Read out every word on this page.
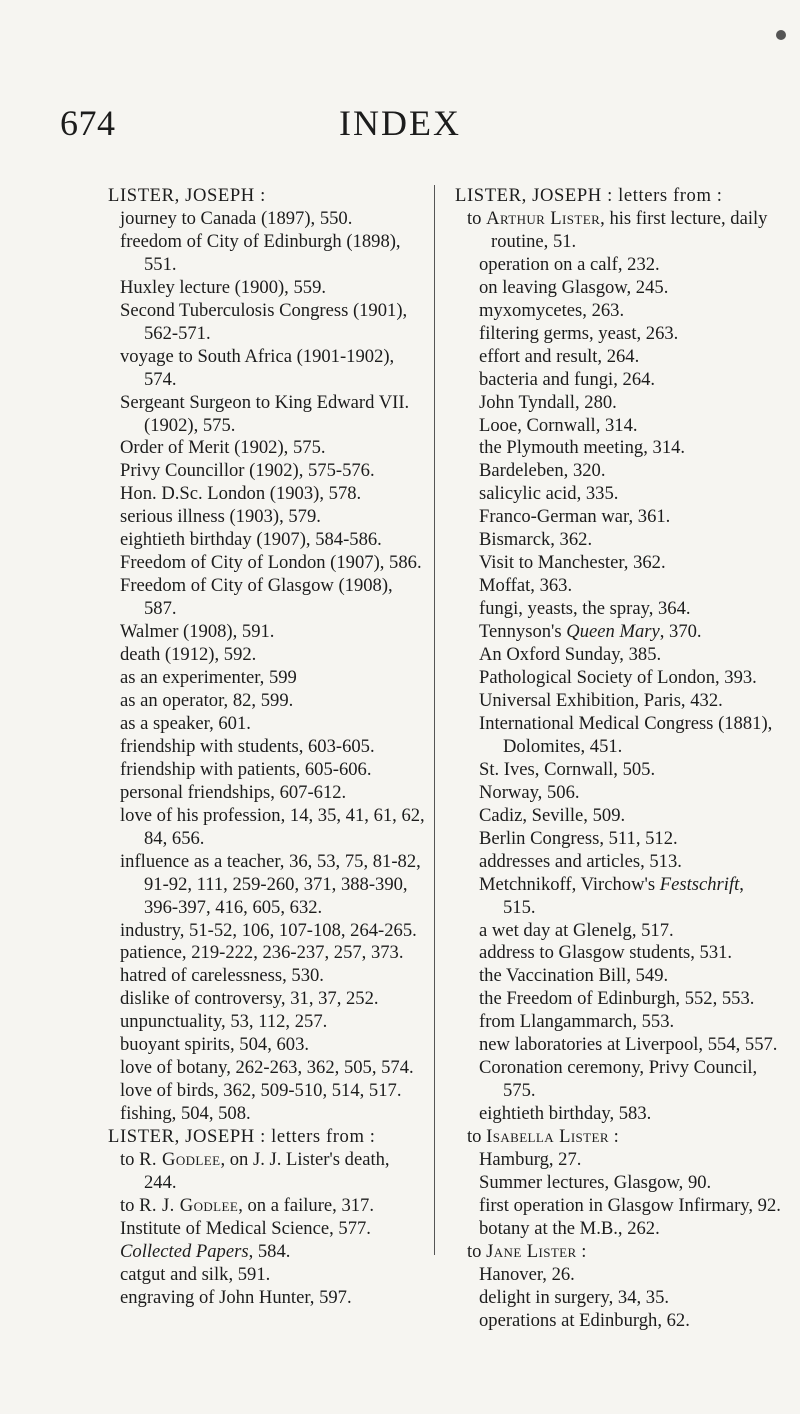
674	INDEX
LISTER, JOSEPH :
journey to Canada (1897), 550.
freedom of City of Edinburgh (1898), 551.
Huxley lecture (1900), 559.
Second Tuberculosis Congress (1901), 562-571.
voyage to South Africa (1901-1902), 574.
Sergeant Surgeon to King Edward VII. (1902), 575.
Order of Merit (1902), 575.
Privy Councillor (1902), 575-576.
Hon. D.Sc. London (1903), 578.
serious illness (1903), 579.
eightieth birthday (1907), 584-586.
Freedom of City of London (1907), 586.
Freedom of City of Glasgow (1908), 587.
Walmer (1908), 591.
death (1912), 592.
as an experimenter, 599
as an operator, 82, 599.
as a speaker, 601.
friendship with students, 603-605.
friendship with patients, 605-606.
personal friendships, 607-612.
love of his profession, 14, 35, 41, 61, 62, 84, 656.
influence as a teacher, 36, 53, 75, 81-82, 91-92, 111, 259-260, 371, 388-390, 396-397, 416, 605, 632.
industry, 51-52, 106, 107-108, 264-265.
patience, 219-222, 236-237, 257, 373.
hatred of carelessness, 530.
dislike of controversy, 31, 37, 252.
unpunctuality, 53, 112, 257.
buoyant spirits, 504, 603.
love of botany, 262-263, 362, 505, 574.
love of birds, 362, 509-510, 514, 517.
fishing, 504, 508.
LISTER, JOSEPH : letters from :
to R. Godlee, on J. J. Lister's death, 244.
to R. J. Godlee, on a failure, 317.
Institute of Medical Science, 577.
Collected Papers, 584.
catgut and silk, 591.
engraving of John Hunter, 597.
LISTER, JOSEPH : letters from :
to Arthur Lister, his first lecture, daily routine, 51.
operation on a calf, 232.
on leaving Glasgow, 245.
myxomycetes, 263.
filtering germs, yeast, 263.
effort and result, 264.
bacteria and fungi, 264.
John Tyndall, 280.
Looe, Cornwall, 314.
the Plymouth meeting, 314.
Bardeleben, 320.
salicylic acid, 335.
Franco-German war, 361.
Bismarck, 362.
Visit to Manchester, 362.
Moffat, 363.
fungi, yeasts, the spray, 364.
Tennyson's Queen Mary, 370.
An Oxford Sunday, 385.
Pathological Society of London, 393.
Universal Exhibition, Paris, 432.
International Medical Congress (1881), Dolomites, 451.
St. Ives, Cornwall, 505.
Norway, 506.
Cadiz, Seville, 509.
Berlin Congress, 511, 512.
addresses and articles, 513.
Metchnikoff, Virchow's Festschrift, 515.
a wet day at Glenelg, 517.
address to Glasgow students, 531.
the Vaccination Bill, 549.
the Freedom of Edinburgh, 552, 553.
from Llangammarch, 553.
new laboratories at Liverpool, 554, 557.
Coronation ceremony, Privy Council, 575.
eightieth birthday, 583.
to Isabella Lister :
Hamburg, 27.
Summer lectures, Glasgow, 90.
first operation in Glasgow Infirmary, 92.
botany at the M.B., 262.
to Jane Lister :
Hanover, 26.
delight in surgery, 34, 35.
operations at Edinburgh, 62.
